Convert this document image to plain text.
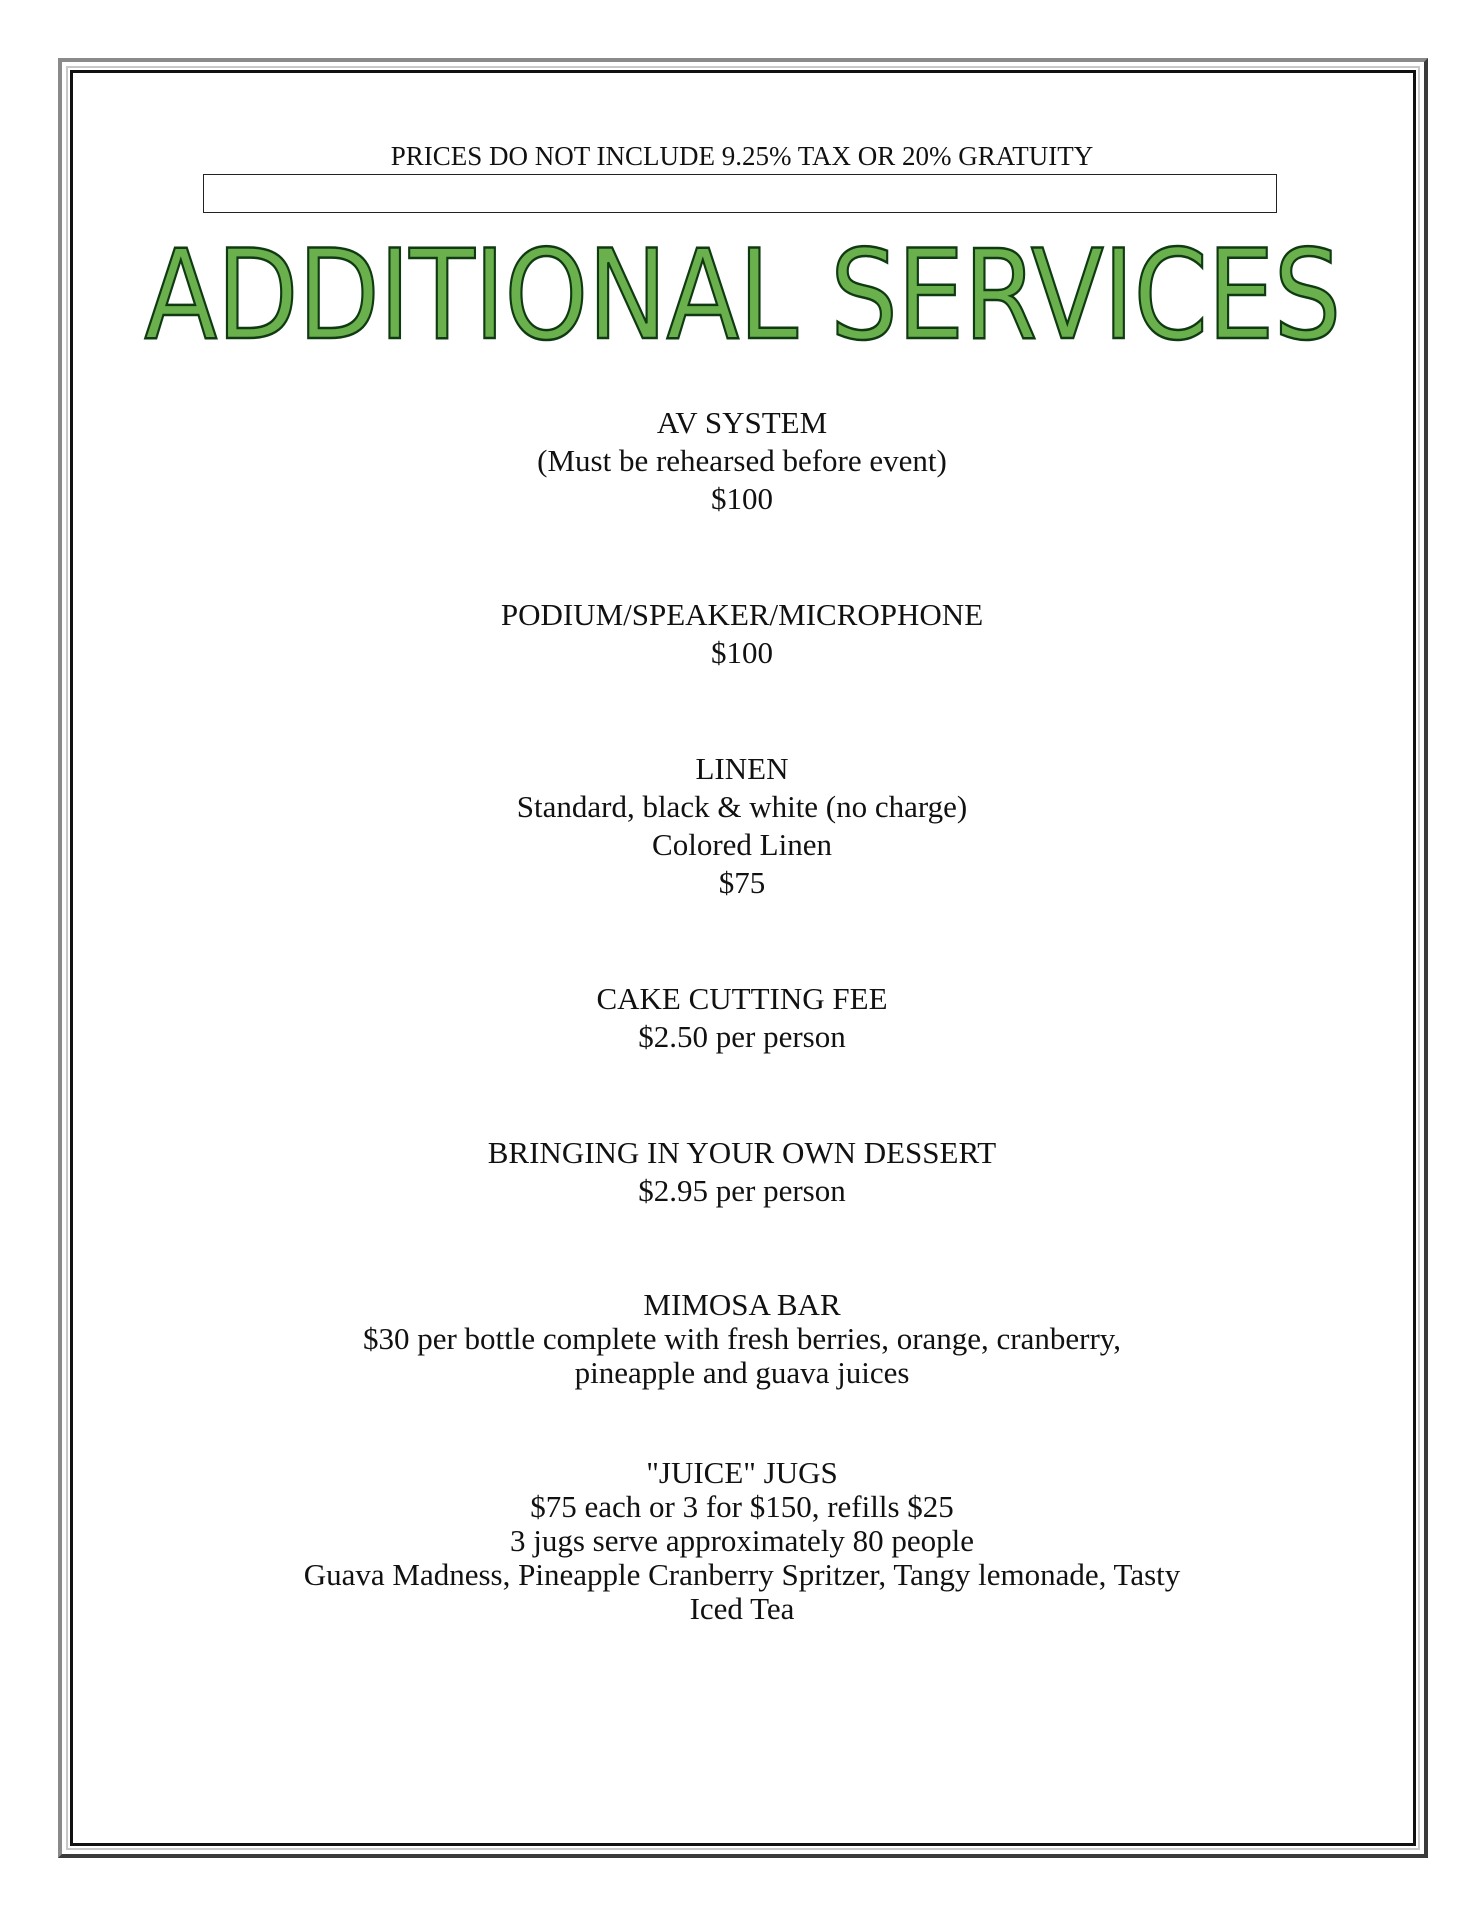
PRICES DO NOT INCLUDE 9.25% TAX OR 20% GRATUITY
ADDITIONAL SERVICES
AV SYSTEM
(Must be rehearsed before event)
$100
PODIUM/SPEAKER/MICROPHONE
$100
LINEN
Standard, black & white (no charge)
Colored Linen
$75
CAKE CUTTING FEE
$2.50 per person
BRINGING IN YOUR OWN DESSERT
$2.95 per person
MIMOSA BAR
$30 per bottle complete with fresh berries, orange, cranberry,
pineapple and guava juices
"JUICE" JUGS
$75 each or 3 for $150, refills $25
3 jugs serve approximately 80 people
Guava Madness, Pineapple Cranberry Spritzer, Tangy lemonade, Tasty
Iced Tea
